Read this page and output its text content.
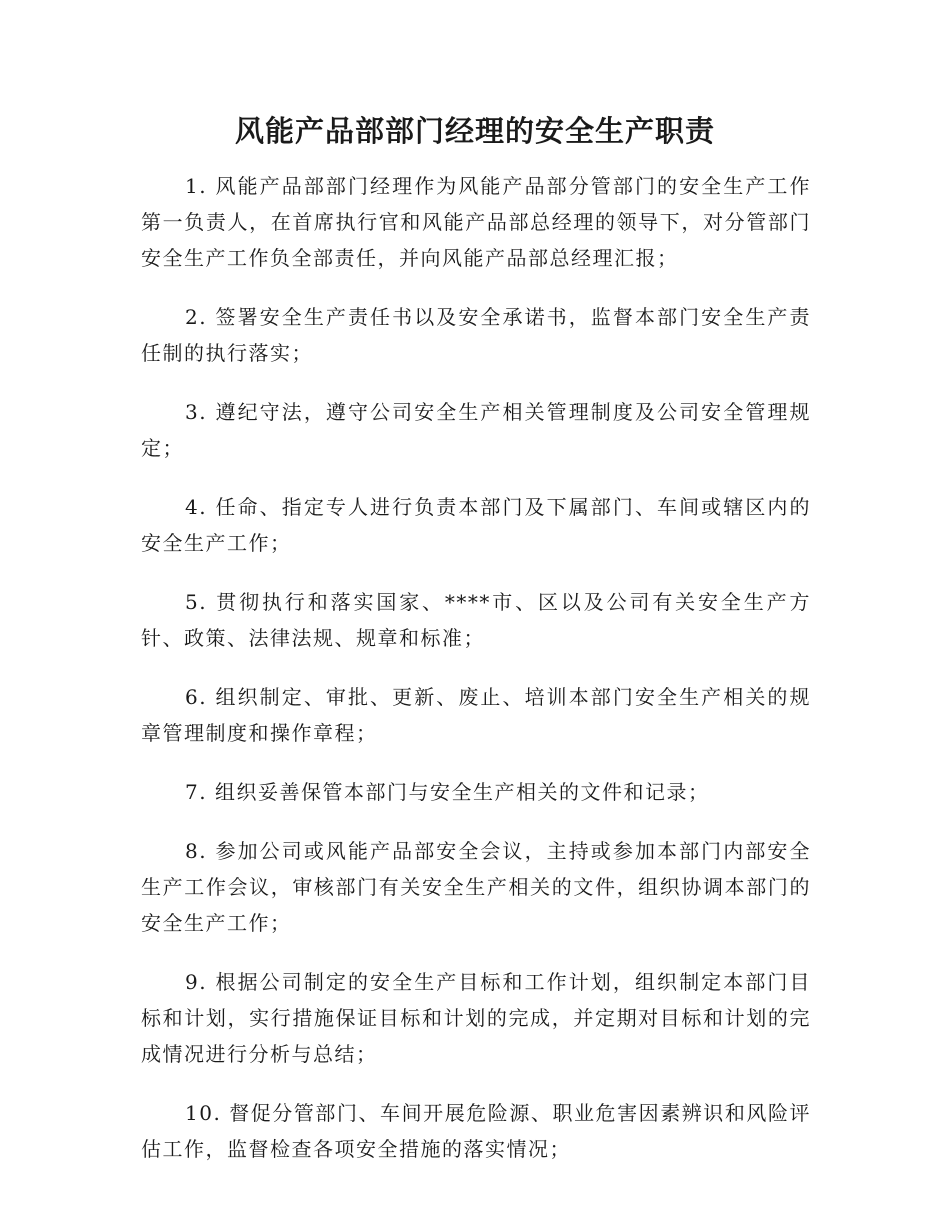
风能产品部部门经理的安全生产职责

1. 风能产品部部门经理作为风能产品部分管部门的安全生产工作第一负责人，在首席执行官和风能产品部总经理的领导下，对分管部门安全生产工作负全部责任，并向风能产品部总经理汇报；

2. 签署安全生产责任书以及安全承诺书，监督本部门安全生产责任制的执行落实；

3. 遵纪守法，遵守公司安全生产相关管理制度及公司安全管理规定；

4. 任命、指定专人进行负责本部门及下属部门、车间或辖区内的安全生产工作；

5. 贯彻执行和落实国家、****市、区以及公司有关安全生产方针、政策、法律法规、规章和标准；

6. 组织制定、审批、更新、废止、培训本部门安全生产相关的规章管理制度和操作章程；

7. 组织妥善保管本部门与安全生产相关的文件和记录；

8. 参加公司或风能产品部安全会议，主持或参加本部门内部安全生产工作会议，审核部门有关安全生产相关的文件，组织协调本部门的安全生产工作；

9. 根据公司制定的安全生产目标和工作计划，组织制定本部门目标和计划，实行措施保证目标和计划的完成，并定期对目标和计划的完成情况进行分析与总结；

10. 督促分管部门、车间开展危险源、职业危害因素辨识和风险评估工作，监督检查各项安全措施的落实情况；
